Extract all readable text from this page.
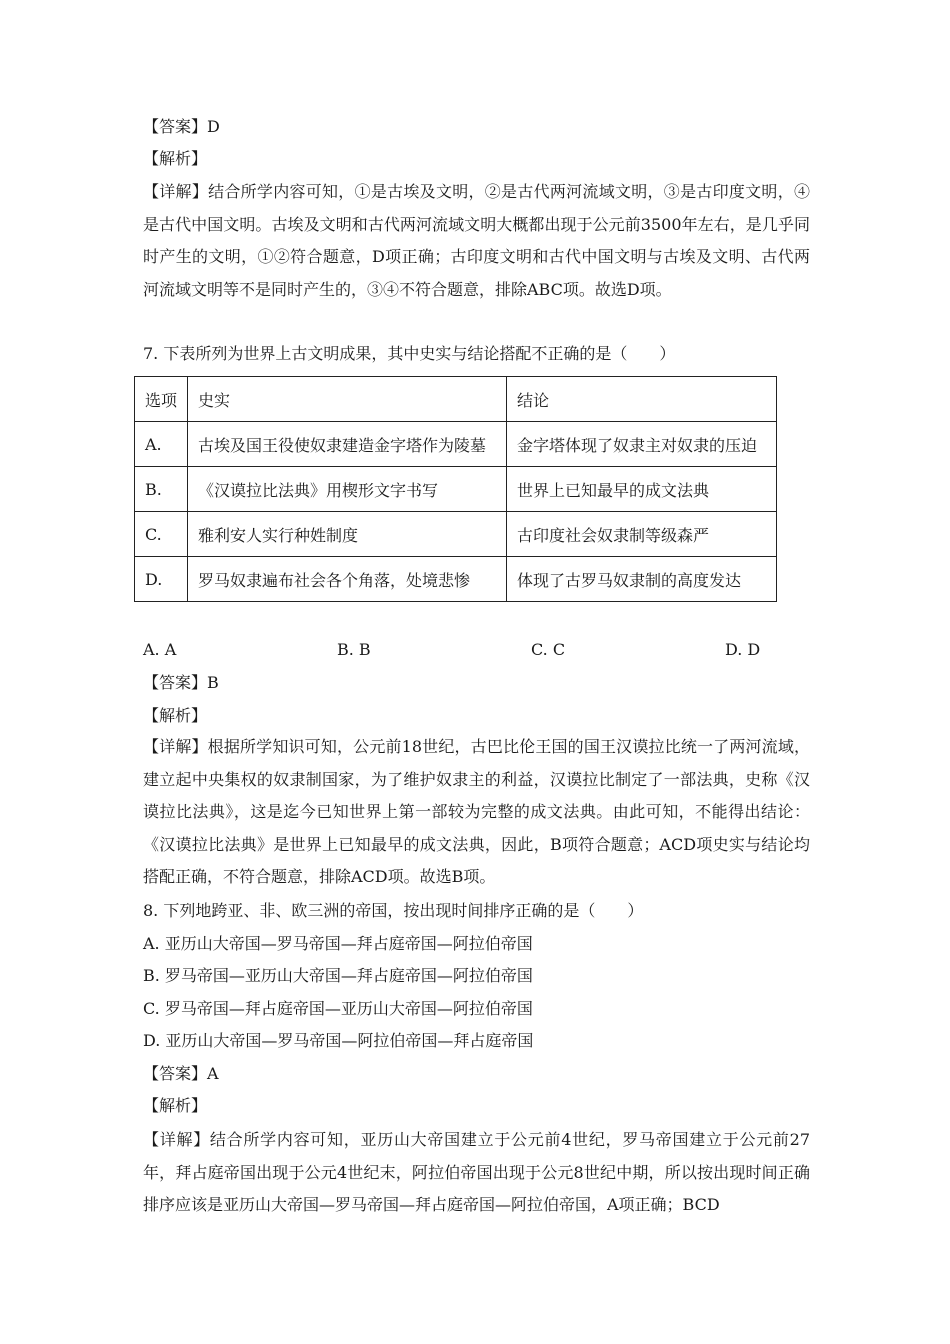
【答案】D
【解析】
【详解】结合所学内容可知，①是古埃及文明，②是古代两河流域文明，③是古印度文明，④是古代中国文明。古埃及文明和古代两河流域文明大概都出现于公元前3500年左右，是几乎同时产生的文明，①②符合题意，D项正确；古印度文明和古代中国文明与古埃及文明、古代两河流域文明等不是同时产生的，③④不符合题意，排除ABC项。故选D项。
7. 下表所列为世界上古文明成果，其中史实与结论搭配不正确的是（　　）
选项	史实	结论
A.	古埃及国王役使奴隶建造金字塔作为陵墓	金字塔体现了奴隶主对奴隶的压迫
B.	《汉谟拉比法典》用楔形文字书写	世界上已知最早的成文法典
C.	雅利安人实行种姓制度	古印度社会奴隶制等级森严
D.	罗马奴隶遍布社会各个角落，处境悲惨	体现了古罗马奴隶制的高度发达
A. A	B. B	C. C	D. D
【答案】B
【解析】
【详解】根据所学知识可知，公元前18世纪，古巴比伦王国的国王汉谟拉比统一了两河流域，建立起中央集权的奴隶制国家，为了维护奴隶主的利益，汉谟拉比制定了一部法典，史称《汉谟拉比法典》，这是迄今已知世界上第一部较为完整的成文法典。由此可知，不能得出结论：《汉谟拉比法典》是世界上已知最早的成文法典，因此，B项符合题意；ACD项史实与结论均搭配正确，不符合题意，排除ACD项。故选B项。
8. 下列地跨亚、非、欧三洲的帝国，按出现时间排序正确的是（　　）
A. 亚历山大帝国—罗马帝国—拜占庭帝国—阿拉伯帝国
B. 罗马帝国—亚历山大帝国—拜占庭帝国—阿拉伯帝国
C. 罗马帝国—拜占庭帝国—亚历山大帝国—阿拉伯帝国
D. 亚历山大帝国—罗马帝国—阿拉伯帝国—拜占庭帝国
【答案】A
【解析】
【详解】结合所学内容可知，亚历山大帝国建立于公元前4世纪，罗马帝国建立于公元前27年，拜占庭帝国出现于公元4世纪末，阿拉伯帝国出现于公元8世纪中期，所以按出现时间正确排序应该是亚历山大帝国—罗马帝国—拜占庭帝国—阿拉伯帝国，A项正确；BCD
